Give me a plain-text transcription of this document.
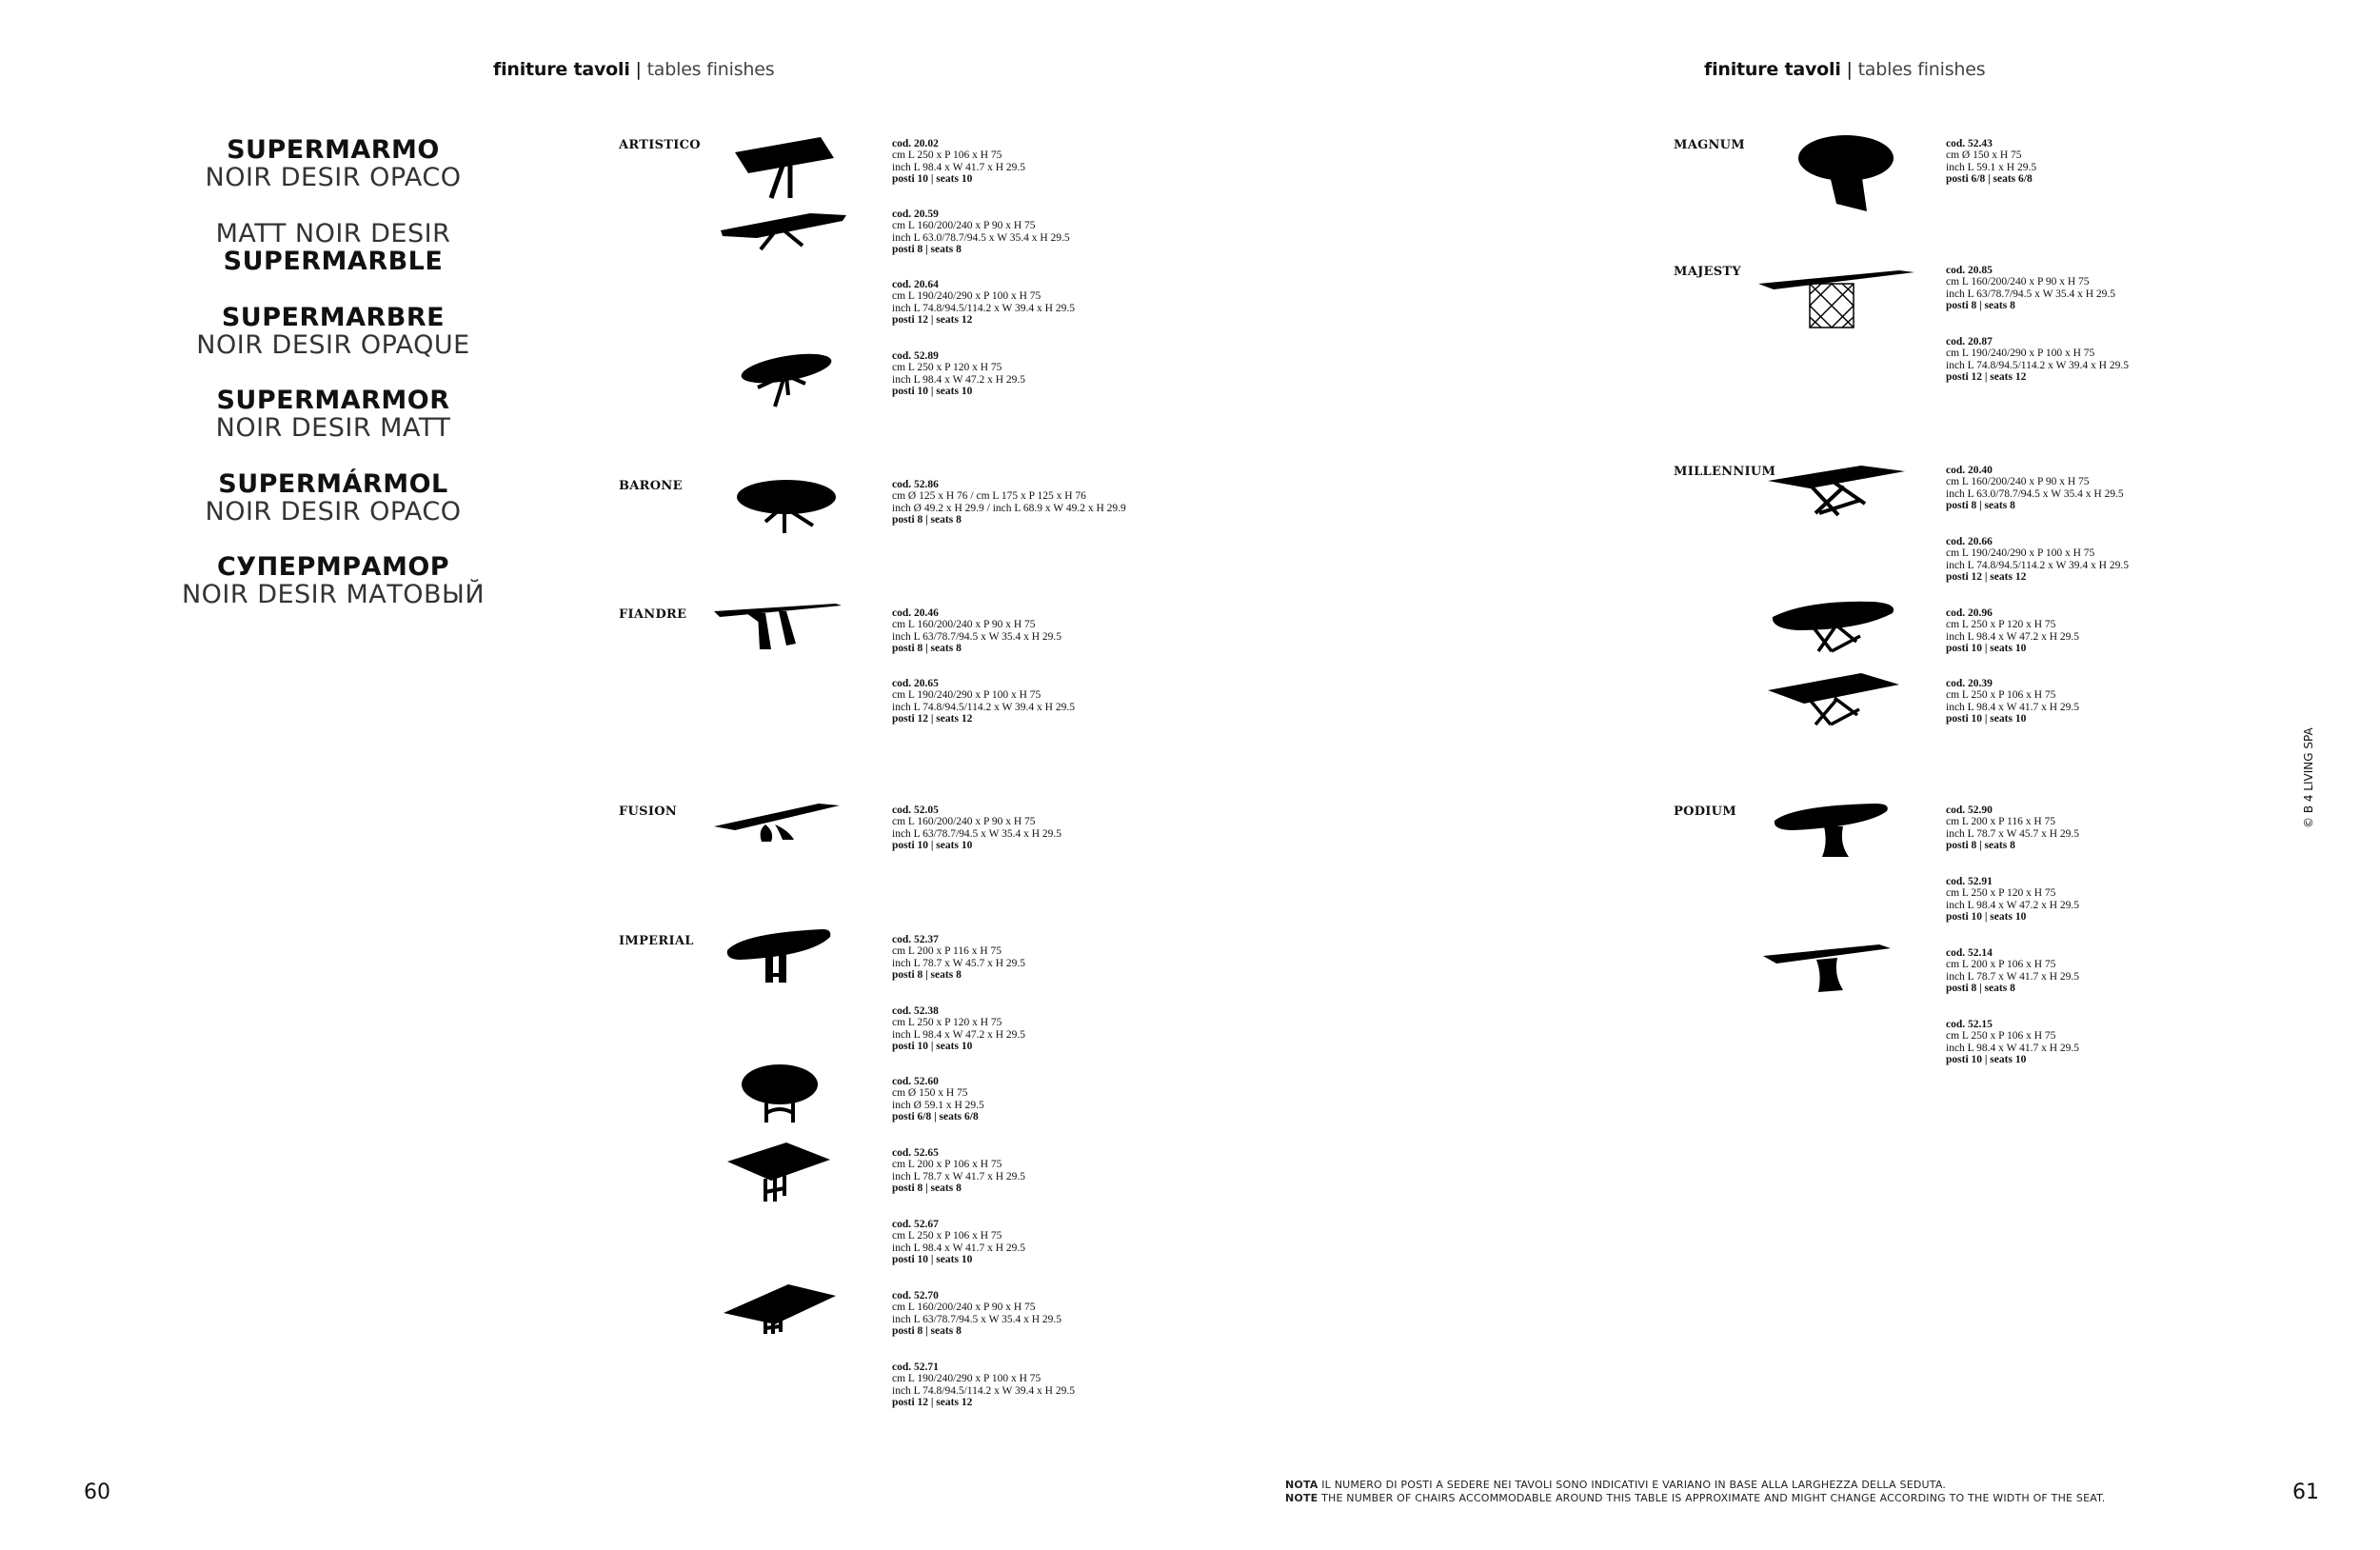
finiture tavoli | tables finishes	finiture tavoli | tables finishes
SUPERMARMO
NOIR DESIR OPACO
MATT NOIR DESIR
SUPERMARBLE
SUPERMARBRE
NOIR DESIR OPAQUE
SUPERMARMOR
NOIR DESIR MATT
SUPERMÁRMOL
NOIR DESIR OPACO
СУПЕРМРАМОР
NOIR DESIR МАТОВЫЙ
ARTISTICO
BARONE
FIANDRE
FUSION
IMPERIAL
MAGNUM
MAJESTY
MILLENNIUM
PODIUM
cod. 20.02
cm L 250 x P 106 x H 75
inch L 98.4 x W 41.7 x H 29.5
posti 10 | seats 10
cod. 20.59
cm L 160/200/240 x P 90 x H 75
inch L 63.0/78.7/94.5 x W 35.4 x H 29.5
posti 8 | seats 8
cod. 20.64
cm L 190/240/290 x P 100 x H 75
inch L 74.8/94.5/114.2 x W 39.4 x H 29.5
posti 12 | seats 12
cod. 52.89
cm L 250 x P 120 x H 75
inch L 98.4 x W 47.2 x H 29.5
posti 10 | seats 10
cod. 52.86
cm Ø 125 x H 76 / cm L 175 x P 125 x H 76
inch Ø 49.2 x H 29.9 / inch L 68.9 x W 49.2 x H 29.9
posti 8 | seats 8
cod. 20.46
cm L 160/200/240 x P 90 x H 75
inch L 63/78.7/94.5 x W 35.4 x H 29.5
posti 8 | seats 8
cod. 20.65
cm L 190/240/290 x P 100 x H 75
inch L 74.8/94.5/114.2 x W 39.4 x H 29.5
posti 12 | seats 12
cod. 52.05
cm L 160/200/240 x P 90 x H 75
inch L 63/78.7/94.5 x W 35.4 x H 29.5
posti 10 | seats 10
cod. 52.37
cm L 200 x P 116 x H 75
inch L 78.7 x W 45.7 x H 29.5
posti 8 | seats 8
cod. 52.38
cm L 250 x P 120 x H 75
inch L 98.4 x W 47.2 x H 29.5
posti 10 | seats 10
cod. 52.60
cm Ø 150 x H 75
inch Ø 59.1 x H 29.5
posti 6/8 | seats 6/8
cod. 52.65
cm L 200 x P 106 x H 75
inch L 78.7 x W 41.7 x H 29.5
posti 8 | seats 8
cod. 52.67
cm L 250 x P 106 x H 75
inch L 98.4 x W 41.7 x H 29.5
posti 10 | seats 10
cod. 52.70
cm L 160/200/240 x P 90 x H 75
inch L 63/78.7/94.5 x W 35.4 x H 29.5
posti 8 | seats 8
cod. 52.71
cm L 190/240/290 x P 100 x H 75
inch L 74.8/94.5/114.2 x W 39.4 x H 29.5
posti 12 | seats 12
cod. 52.43
cm Ø 150 x H 75
inch L 59.1 x H 29.5
posti 6/8 | seats 6/8
cod. 20.85
cm L 160/200/240 x P 90 x H 75
inch L 63/78.7/94.5 x W 35.4 x H 29.5
posti 8 | seats 8
cod. 20.87
cm L 190/240/290 x P 100 x H 75
inch L 74.8/94.5/114.2 x W 39.4 x H 29.5
posti 12 | seats 12
cod. 20.40
cm L 160/200/240 x P 90 x H 75
inch L 63.0/78.7/94.5 x W 35.4 x H 29.5
posti 8 | seats 8
cod. 20.66
cm L 190/240/290 x P 100 x H 75
inch L 74.8/94.5/114.2 x W 39.4 x H 29.5
posti 12 | seats 12
cod. 20.96
cm L 250 x P 120 x H 75
inch L 98.4 x W 47.2 x H 29.5
posti 10 | seats 10
cod. 20.39
cm L 250 x P 106 x H 75
inch L 98.4 x W 41.7 x H 29.5
posti 10 | seats 10
cod. 52.90
cm L 200 x P 116 x H 75
inch L 78.7 x W 45.7 x H 29.5
posti 8 | seats 8
cod. 52.91
cm L 250 x P 120 x H 75
inch L 98.4 x W 47.2 x H 29.5
posti 10 | seats 10
cod. 52.14
cm L 200 x P 106 x H 75
inch L 78.7 x W 41.7 x H 29.5
posti 8 | seats 8
cod. 52.15
cm L 250 x P 106 x H 75
inch L 98.4 x W 41.7 x H 29.5
posti 10 | seats 10
60	61
NOTA IL NUMERO DI POSTI A SEDERE NEI TAVOLI SONO INDICATIVI E VARIANO IN BASE ALLA LARGHEZZA DELLA SEDUTA.
NOTE THE NUMBER OF CHAIRS ACCOMMODABLE AROUND THIS TABLE IS APPROXIMATE AND MIGHT CHANGE ACCORDING TO THE WIDTH OF THE SEAT.
© B 4 LIVING SPA
